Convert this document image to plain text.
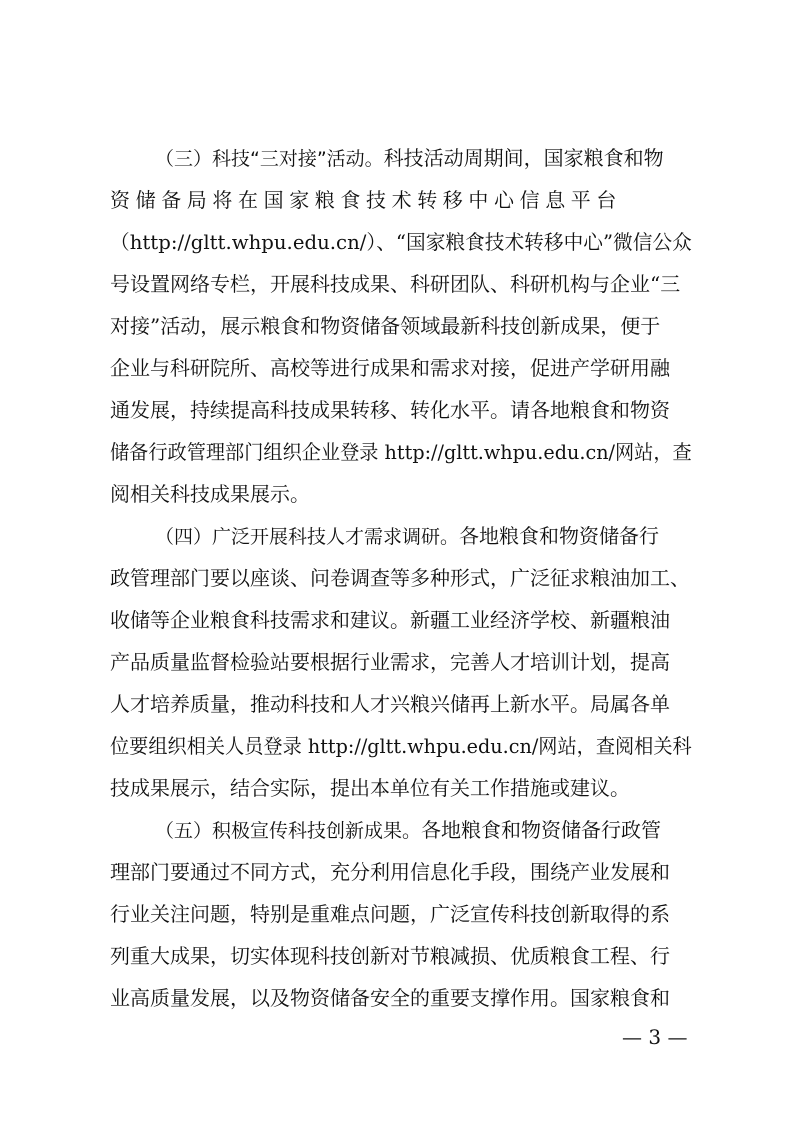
（三）科技“三对接”活动。科技活动周期间，国家粮食和物
资储备局将在国家粮食技术转移中心信息平台
（http://gltt.whpu.edu.cn/）、“国家粮食技术转移中心”微信公众
号设置网络专栏，开展科技成果、科研团队、科研机构与企业“三
对接”活动，展示粮食和物资储备领域最新科技创新成果，便于
企业与科研院所、高校等进行成果和需求对接，促进产学研用融
通发展，持续提高科技成果转移、转化水平。请各地粮食和物资
储备行政管理部门组织企业登录 http://gltt.whpu.edu.cn/网站，查
阅相关科技成果展示。
（四）广泛开展科技人才需求调研。各地粮食和物资储备行
政管理部门要以座谈、问卷调查等多种形式，广泛征求粮油加工、
收储等企业粮食科技需求和建议。新疆工业经济学校、新疆粮油
产品质量监督检验站要根据行业需求，完善人才培训计划，提高
人才培养质量，推动科技和人才兴粮兴储再上新水平。局属各单
位要组织相关人员登录 http://gltt.whpu.edu.cn/网站，查阅相关科
技成果展示，结合实际，提出本单位有关工作措施或建议。
（五）积极宣传科技创新成果。各地粮食和物资储备行政管
理部门要通过不同方式，充分利用信息化手段，围绕产业发展和
行业关注问题，特别是重难点问题，广泛宣传科技创新取得的系
列重大成果，切实体现科技创新对节粮减损、优质粮食工程、行
业高质量发展，以及物资储备安全的重要支撑作用。国家粮食和
— 3 —
